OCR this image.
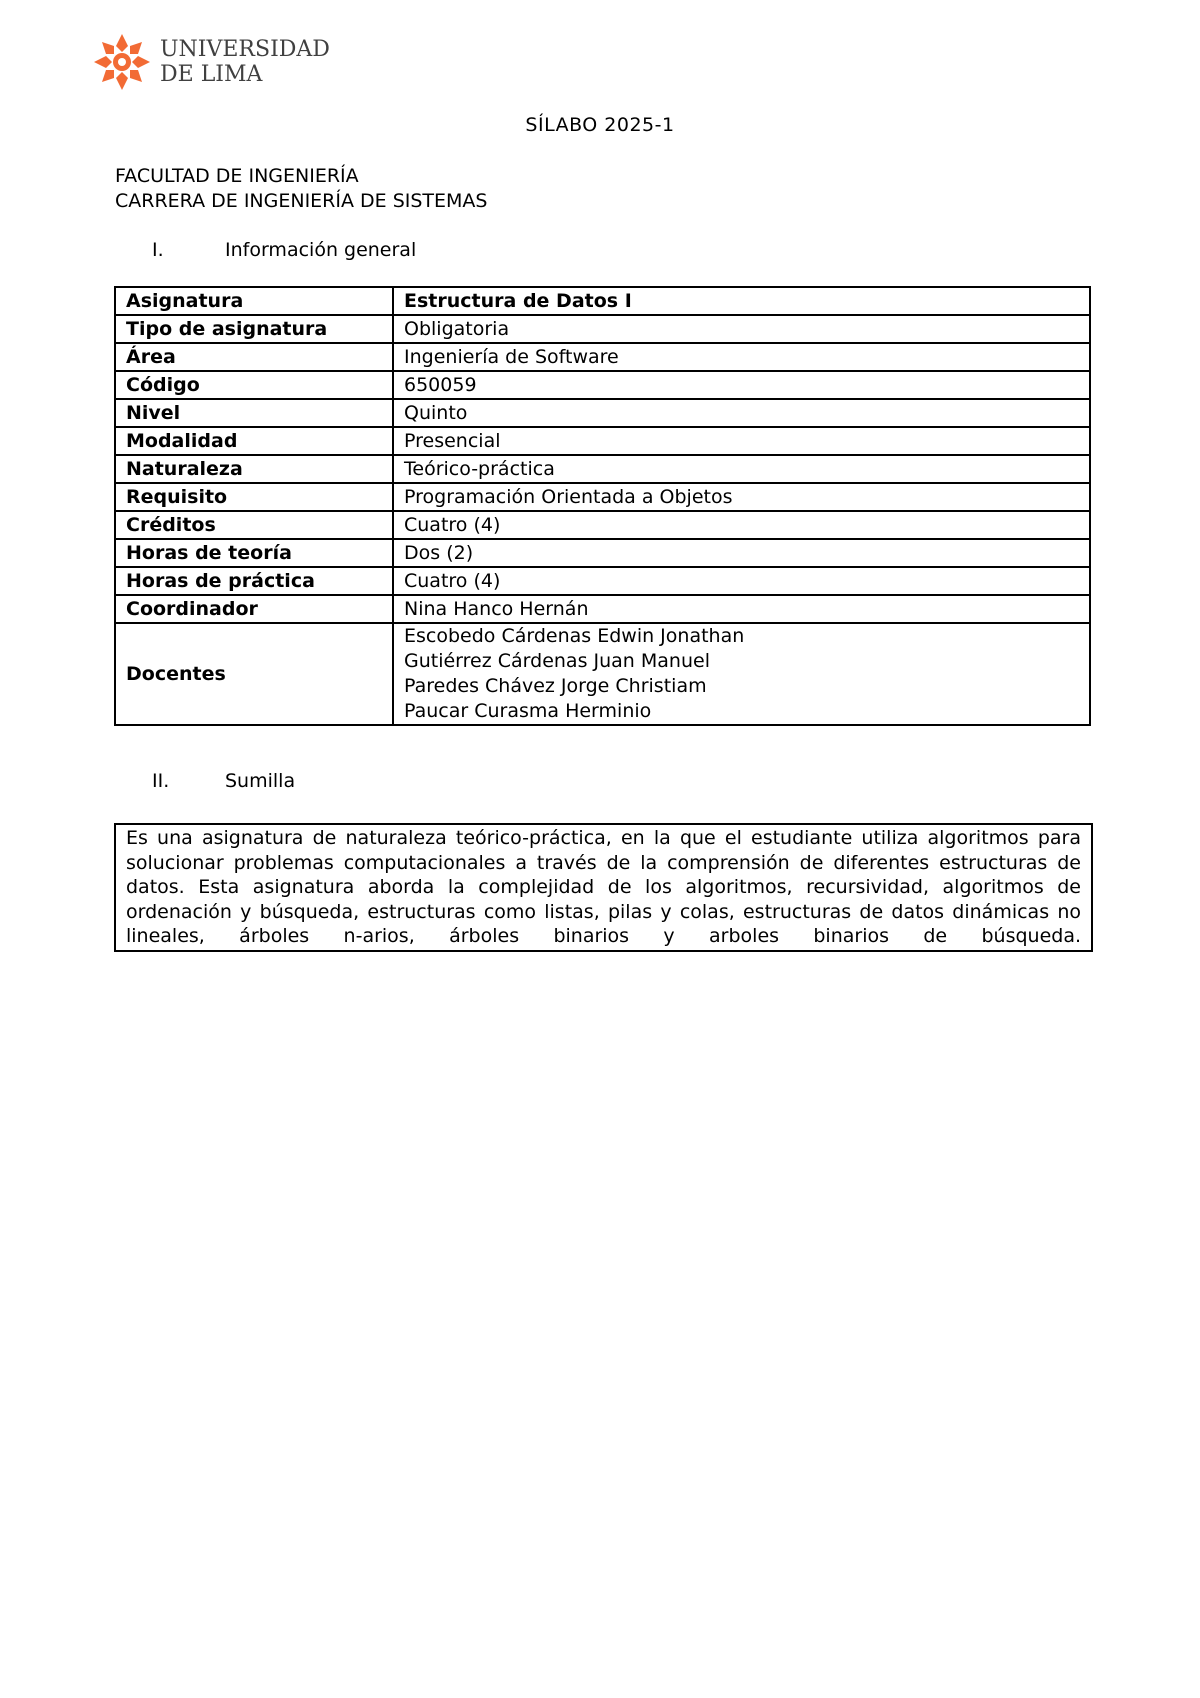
UNIVERSIDAD
DE LIMA
SÍLABO 2025-1
FACULTAD DE INGENIERÍA
CARRERA DE INGENIERÍA DE SISTEMAS
I.	Información general
Asignatura	Estructura de Datos I
Tipo de asignatura	Obligatoria
Área	Ingeniería de Software
Código	650059
Nivel	Quinto
Modalidad	Presencial
Naturaleza	Teórico-práctica
Requisito	Programación Orientada a Objetos
Créditos	Cuatro (4)
Horas de teoría	Dos (2)
Horas de práctica	Cuatro (4)
Coordinador	Nina Hanco Hernán
Docentes	Escobedo Cárdenas Edwin Jonathan
Gutiérrez Cárdenas Juan Manuel
Paredes Chávez Jorge Christiam
Paucar Curasma Herminio
II.	Sumilla
Es una asignatura de naturaleza teórico-práctica, en la que el estudiante utiliza algoritmos para solucionar problemas computacionales a través de la comprensión de diferentes estructuras de datos. Esta asignatura aborda la complejidad de los algoritmos, recursividad, algoritmos de ordenación y búsqueda, estructuras como listas, pilas y colas, estructuras de datos dinámicas no lineales, árboles n-arios, árboles binarios y arboles binarios de búsqueda.
